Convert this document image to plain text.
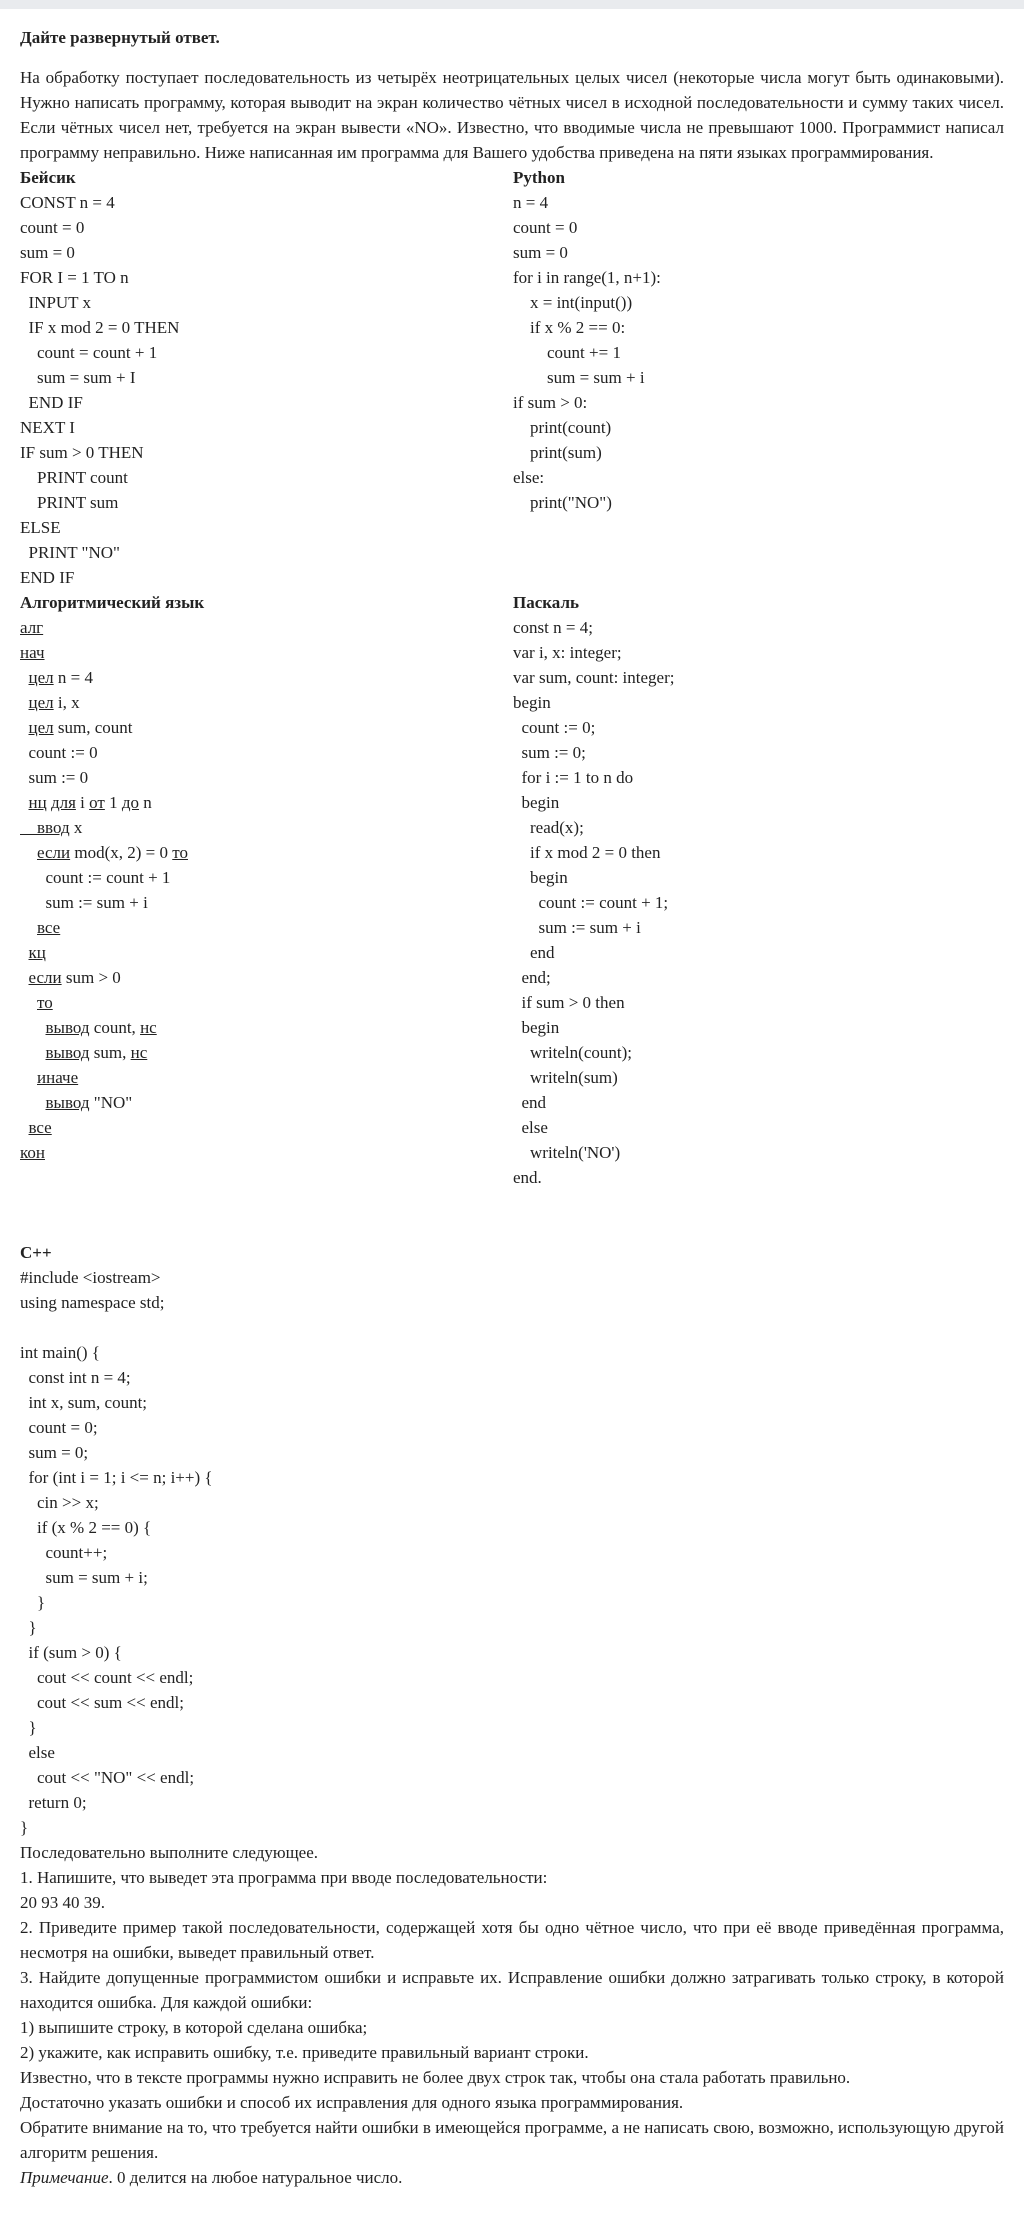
Дайте развернутый ответ.
На обработку поступает последовательность из четырёх неотрицательных целых чисел (некоторые числа могут быть одинаковыми). Нужно написать программу, которая выводит на экран количество чётных чисел в исходной последовательности и сумму таких чисел. Если чётных чисел нет, требуется на экран вывести «NO». Известно, что вводимые числа не превышают 1000. Программист написал программу неправильно. Ниже написанная им программа для Вашего удобства приведена на пяти языках программирования.
Бейсик
CONST n = 4
count = 0
sum = 0
FOR I = 1 TO n
INPUT x
IF x mod 2 = 0 THEN
count = count + 1
sum = sum + I
END IF
NEXT I
IF sum > 0 THEN
PRINT count
PRINT sum
ELSE
PRINT "NO"
END IF
Python
n = 4
count = 0
sum = 0
for i in range(1, n+1):
x = int(input())
if x % 2 == 0:
count += 1
sum = sum + i
if sum > 0:
print(count)
print(sum)
else:
print("NO")
Алгоритмический язык
алг
нач
цел n = 4
цел i, x
цел sum, count
count := 0
sum := 0
нц для i от 1 до n
ввод x
если mod(x, 2) = 0 то
count := count + 1
sum := sum + i
все
кц
если sum > 0
то
вывод count, нс
вывод sum, нс
иначе
вывод "NO"
все
кон
Паскаль
const n = 4;
var i, x: integer;
var sum, count: integer;
begin
count := 0;
sum := 0;
for i := 1 to n do
begin
read(x);
if x mod 2 = 0 then
begin
count := count + 1;
sum := sum + i
end
end;
if sum > 0 then
begin
writeln(count);
writeln(sum)
end
else
writeln('NO')
end.
C++
#include <iostream>
using namespace std;
int main() {
const int n = 4;
int x, sum, count;
count = 0;
sum = 0;
for (int i = 1; i <= n; i++) {
cin >> x;
if (x % 2 == 0) {
count++;
sum = sum + i;
}
}
if (sum > 0) {
cout << count << endl;
cout << sum << endl;
}
else
cout << "NO" << endl;
return 0;
}
Последовательно выполните следующее.
1. Напишите, что выведет эта программа при вводе последовательности:
20 93 40 39.
2. Приведите пример такой последовательности, содержащей хотя бы одно чётное число, что при её вводе приведённая программа, несмотря на ошибки, выведет правильный ответ.
3. Найдите допущенные программистом ошибки и исправьте их. Исправление ошибки должно затрагивать только строку, в которой находится ошибка. Для каждой ошибки:
1) выпишите строку, в которой сделана ошибка;
2) укажите, как исправить ошибку, т.е. приведите правильный вариант строки.
Известно, что в тексте программы нужно исправить не более двух строк так, чтобы она стала работать правильно.
Достаточно указать ошибки и способ их исправления для одного языка программирования.
Обратите внимание на то, что требуется найти ошибки в имеющейся программе, а не написать свою, возможно, использующую другой алгоритм решения.
Примечание. 0 делится на любое натуральное число.
